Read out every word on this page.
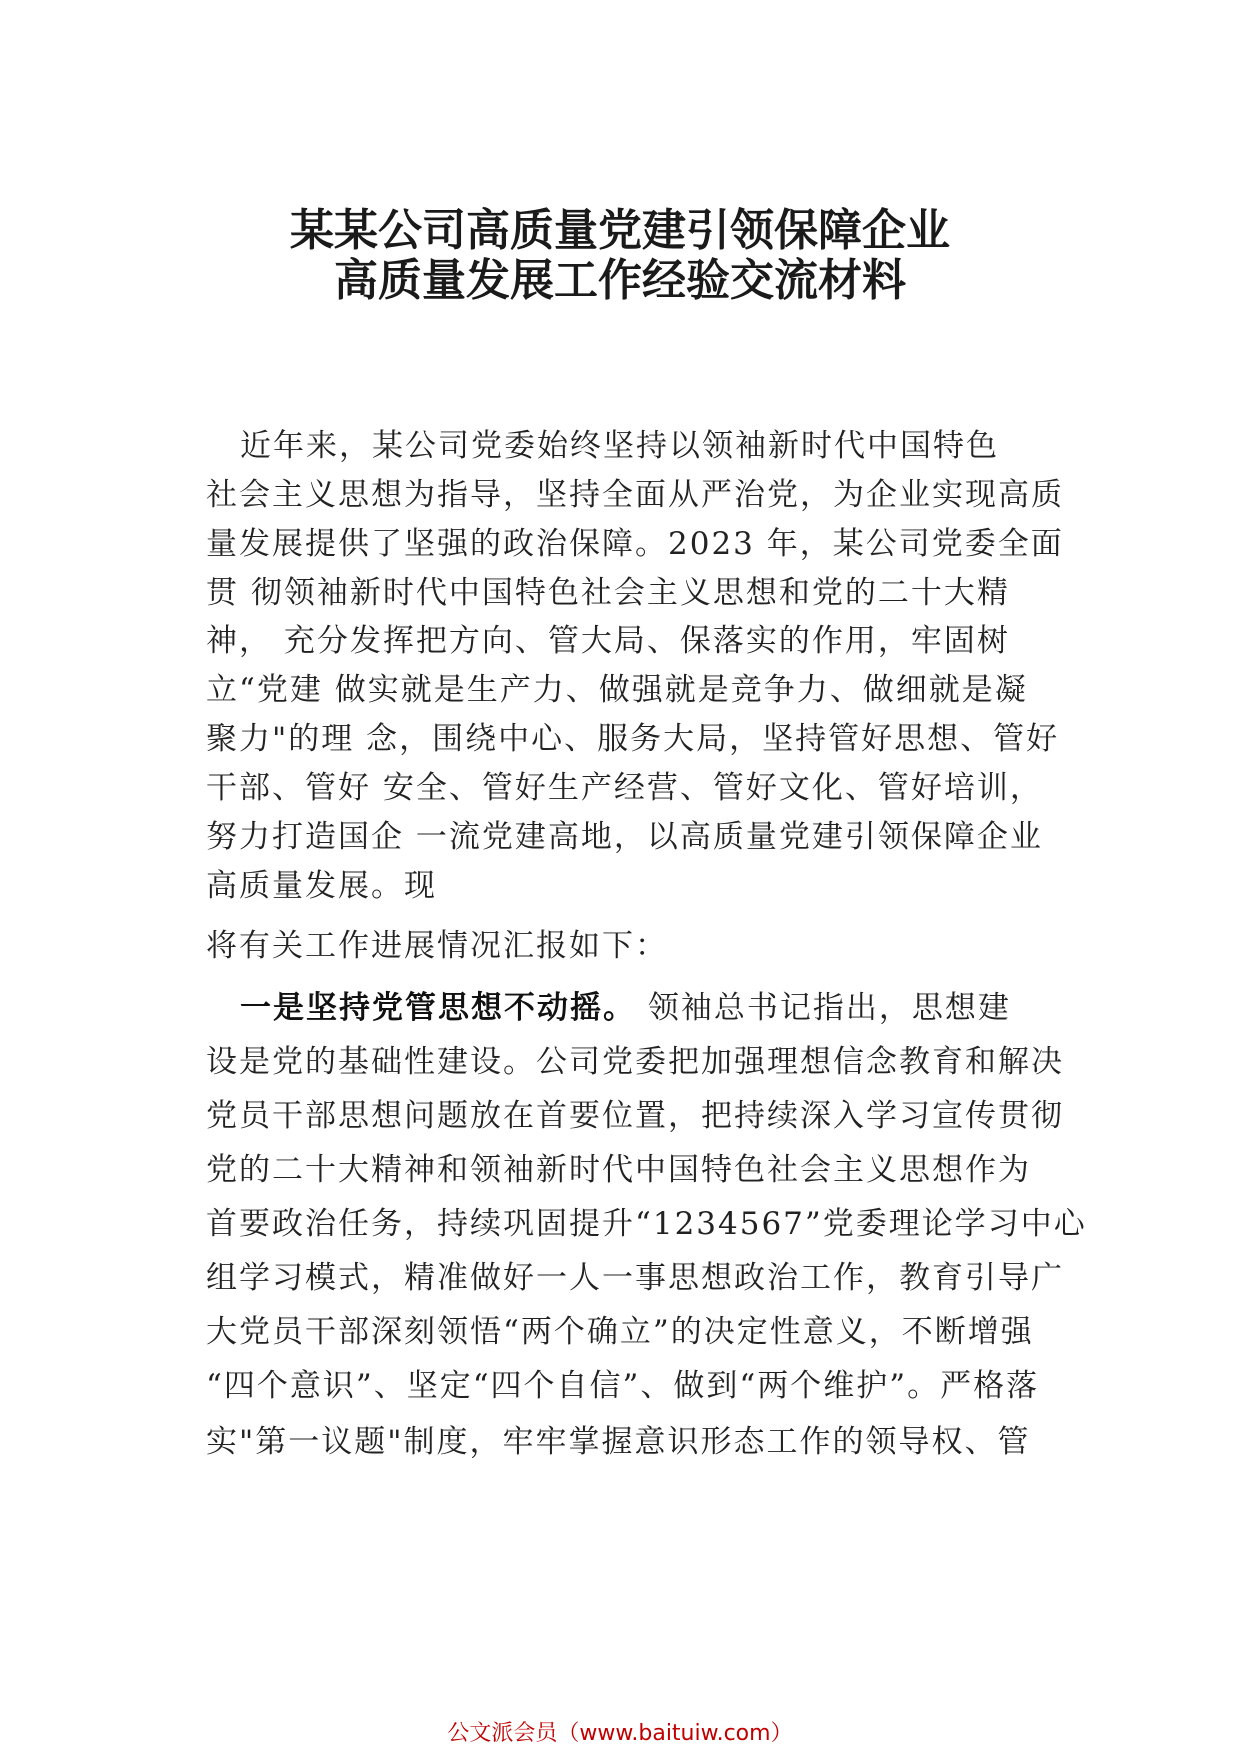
某某公司高质量党建引领保障企业
高质量发展工作经验交流材料
近年来，某公司党委始终坚持以领袖新时代中国特色
社会主义思想为指导，坚持全面从严治党，为企业实现高质
量发展提供了坚强的政治保障。2023 年，某公司党委全面
贯 彻领袖新时代中国特色社会主义思想和党的二十大精
神， 充分发挥把方向、管大局、保落实的作用，牢固树
立“党建 做实就是生产力、做强就是竞争力、做细就是凝
聚力"的理 念，围绕中心、服务大局，坚持管好思想、管好
干部、管好 安全、管好生产经营、管好文化、管好培训，
努力打造国企 一流党建高地，以高质量党建引领保障企业
高质量发展。现
将有关工作进展情况汇报如下：
一是坚持党管思想不动摇。 领袖总书记指出，思想建
设是党的基础性建设。公司党委把加强理想信念教育和解决
党员干部思想问题放在首要位置，把持续深入学习宣传贯彻
党的二十大精神和领袖新时代中国特色社会主义思想作为
首要政治任务，持续巩固提升“1234567”党委理论学习中心
组学习模式，精准做好一人一事思想政治工作，教育引导广
大党员干部深刻领悟“两个确立”的决定性意义，不断增强
“四个意识”、坚定“四个自信”、做到“两个维护”。严格落
实"第一议题"制度，牢牢掌握意识形态工作的领导权、管
公文派会员（www.baituiw.com）
